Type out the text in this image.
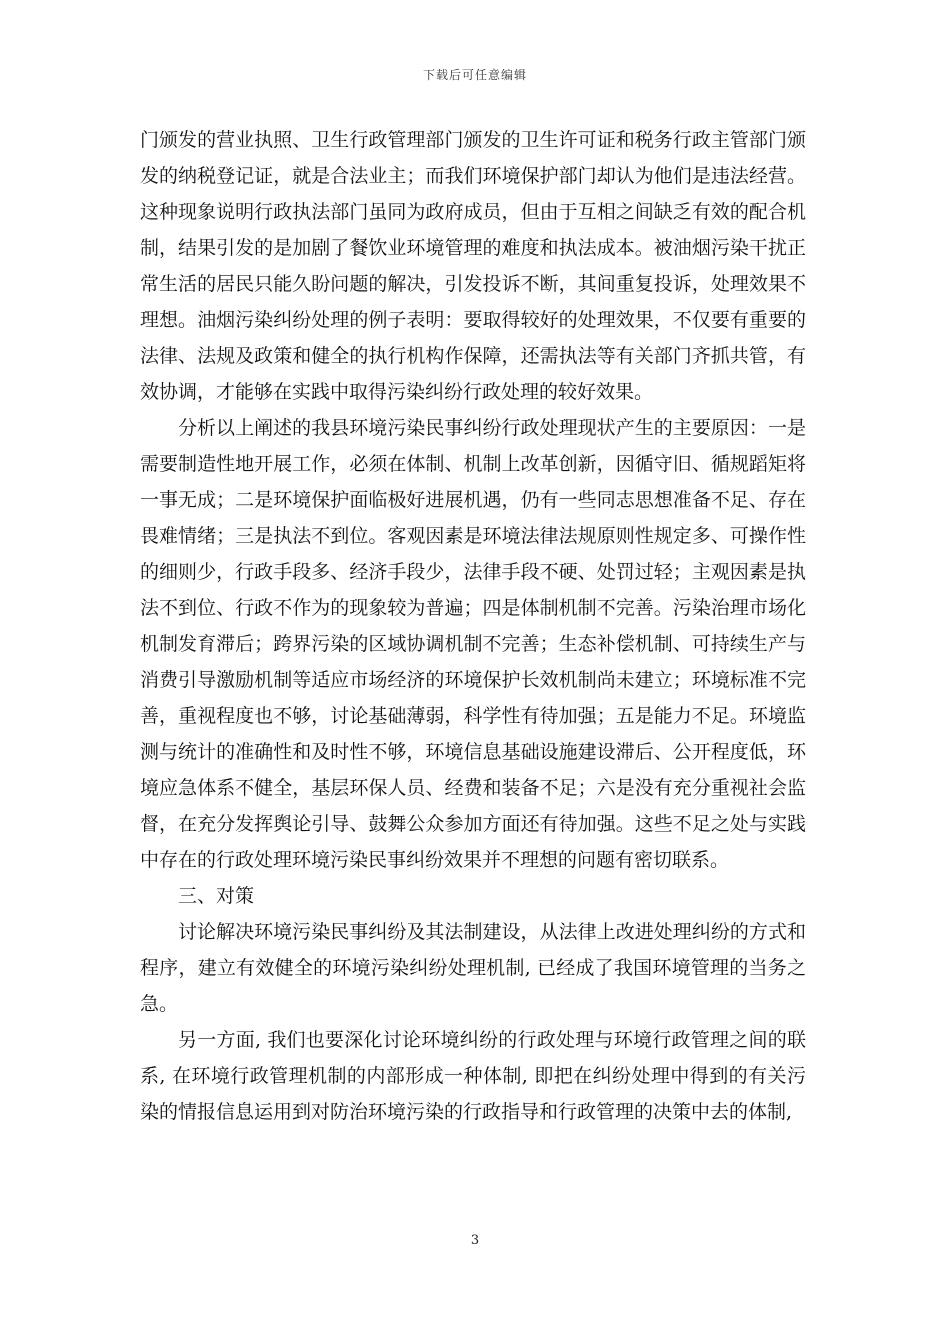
下载后可任意编辑

门颁发的营业执照、卫生行政管理部门颁发的卫生许可证和税务行政主管部门颁发的纳税登记证，就是合法业主；而我们环境保护部门却认为他们是违法经营。这种现象说明行政执法部门虽同为政府成员，但由于互相之间缺乏有效的配合机制，结果引发的是加剧了餐饮业环境管理的难度和执法成本。被油烟污染干扰正常生活的居民只能久盼问题的解决，引发投诉不断，其间重复投诉，处理效果不理想。油烟污染纠纷处理的例子表明：要取得较好的处理效果，不仅要有重要的法律、法规及政策和健全的执行机构作保障，还需执法等有关部门齐抓共管，有效协调，才能够在实践中取得污染纠纷行政处理的较好效果。

分析以上阐述的我县环境污染民事纠纷行政处理现状产生的主要原因：一是需要制造性地开展工作，必须在体制、机制上改革创新，因循守旧、循规蹈矩将一事无成；二是环境保护面临极好进展机遇，仍有一些同志思想准备不足、存在畏难情绪；三是执法不到位。客观因素是环境法律法规原则性规定多、可操作性的细则少，行政手段多、经济手段少，法律手段不硬、处罚过轻；主观因素是执法不到位、行政不作为的现象较为普遍；四是体制机制不完善。污染治理市场化机制发育滞后；跨界污染的区域协调机制不完善；生态补偿机制、可持续生产与消费引导激励机制等适应市场经济的环境保护长效机制尚未建立；环境标准不完善，重视程度也不够，讨论基础薄弱，科学性有待加强；五是能力不足。环境监测与统计的准确性和及时性不够，环境信息基础设施建设滞后、公开程度低，环境应急体系不健全，基层环保人员、经费和装备不足；六是没有充分重视社会监督，在充分发挥舆论引导、鼓舞公众参加方面还有待加强。这些不足之处与实践中存在的行政处理环境污染民事纠纷效果并不理想的问题有密切联系。

三、对策

讨论解决环境污染民事纠纷及其法制建设，从法律上改进处理纠纷的方式和程序，建立有效健全的环境污染纠纷处理机制, 已经成了我国环境管理的当务之急。

另一方面, 我们也要深化讨论环境纠纷的行政处理与环境行政管理之间的联系, 在环境行政管理机制的内部形成一种体制, 即把在纠纷处理中得到的有关污染的情报信息运用到对防治环境污染的行政指导和行政管理的决策中去的体制,

3
